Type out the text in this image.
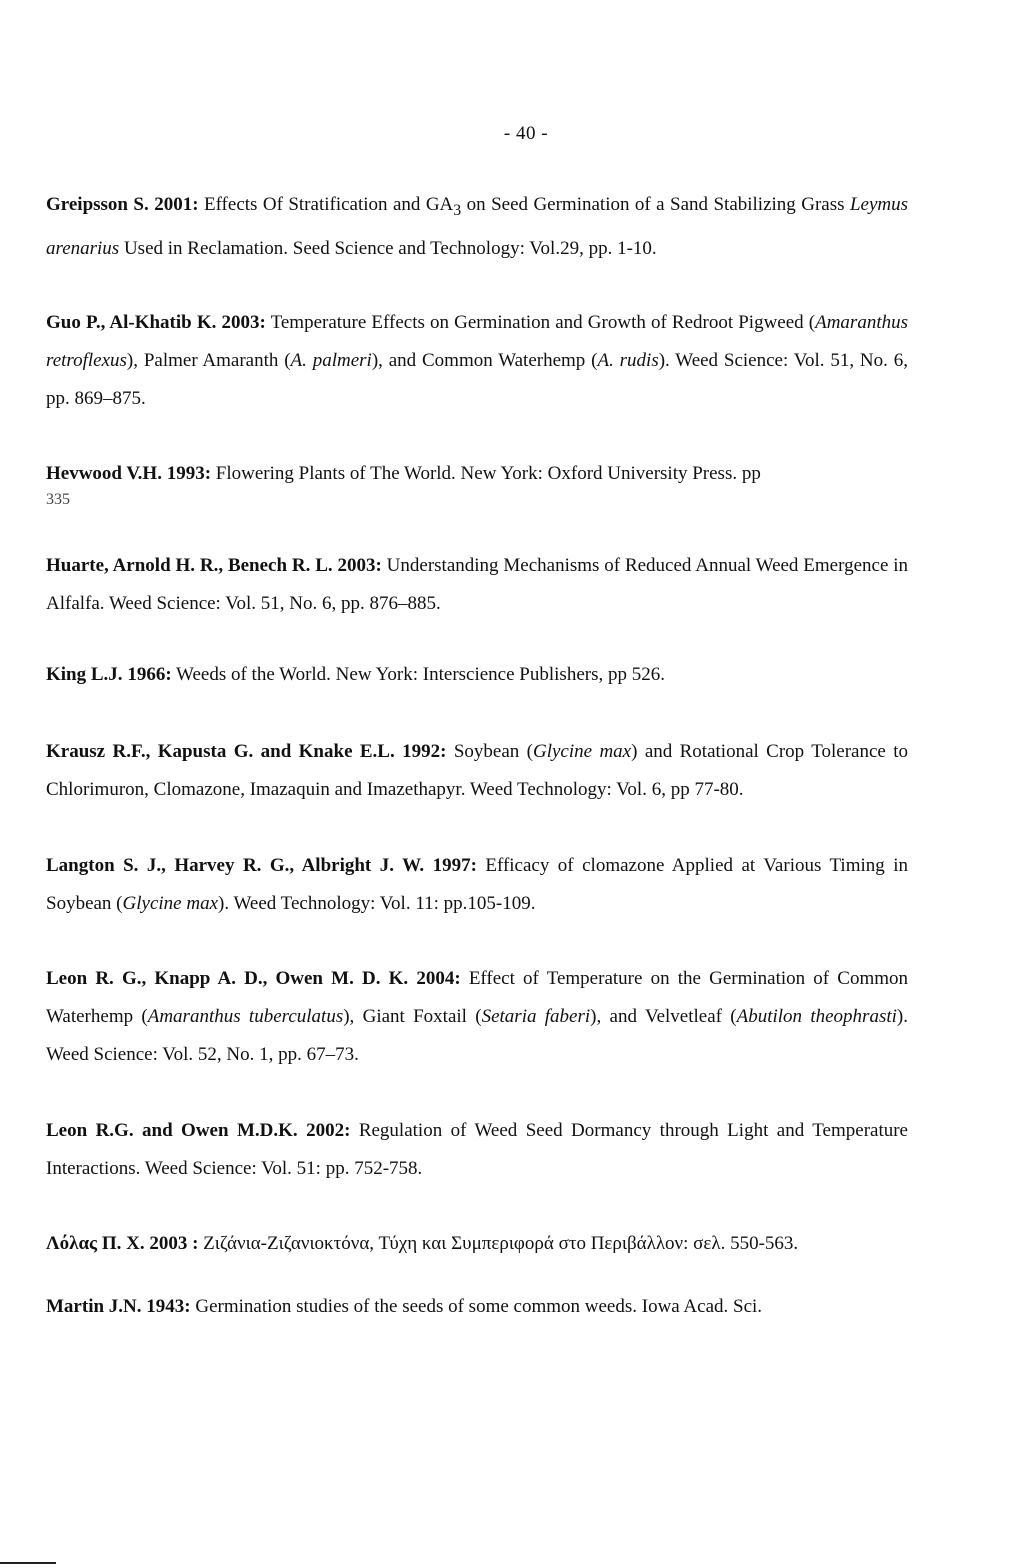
- 40 -

Greipsson S. 2001: Effects Of Stratification and $GA_3$ on Seed Germination of a Sand Stabilizing Grass Leymus arenarius Used in Reclamation. Seed Science and Technology: Vol.29, pp. 1-10.

Guo P., Al-Khatib K. 2003: Temperature Effects on Germination and Growth of Redroot Pigweed (Amaranthus retroflexus), Palmer Amaranth (A. palmeri), and Common Waterhemp (A. rudis). Weed Science: Vol. 51, No. 6, pp. 869–875.

Hevwood V.H. 1993: Flowering Plants of The World. New York: Oxford University Press. pp
335

Huarte, Arnold H. R., Benech R. L. 2003: Understanding Mechanisms of Reduced Annual Weed Emergence in Alfalfa. Weed Science: Vol. 51, No. 6, pp. 876–885.

King L.J. 1966: Weeds of the World. New York: Interscience Publishers, pp 526.

Krausz R.F., Kapusta G. and Knake E.L. 1992: Soybean (Glycine max) and Rotational Crop Tolerance to Chlorimuron, Clomazone, Imazaquin and Imazethapyr. Weed Technology: Vol. 6, pp 77-80.

Langton S. J., Harvey R. G., Albright J. W. 1997: Efficacy of clomazone Applied at Various Timing in Soybean (Glycine max). Weed Technology: Vol. 11: pp.105-109.

Leon R. G., Knapp A. D., Owen M. D. K. 2004: Effect of Temperature on the Germination of Common Waterhemp (Amaranthus tuberculatus), Giant Foxtail (Setaria faberi), and Velvetleaf (Abutilon theophrasti). Weed Science: Vol. 52, No. 1, pp. 67–73.

Leon R.G. and Owen M.D.K. 2002: Regulation of Weed Seed Dormancy through Light and Temperature Interactions. Weed Science: Vol. 51: pp. 752-758.

Λόλας Π. Χ. 2003 : Ζιζάνια-Ζιζανιοκτόνα, Τύχη και Συμπεριφορά στο Περιβάλλον: σελ. 550-563.

Martin J.N. 1943: Germination studies of the seeds of some common weeds. Iowa Acad. Sci.
